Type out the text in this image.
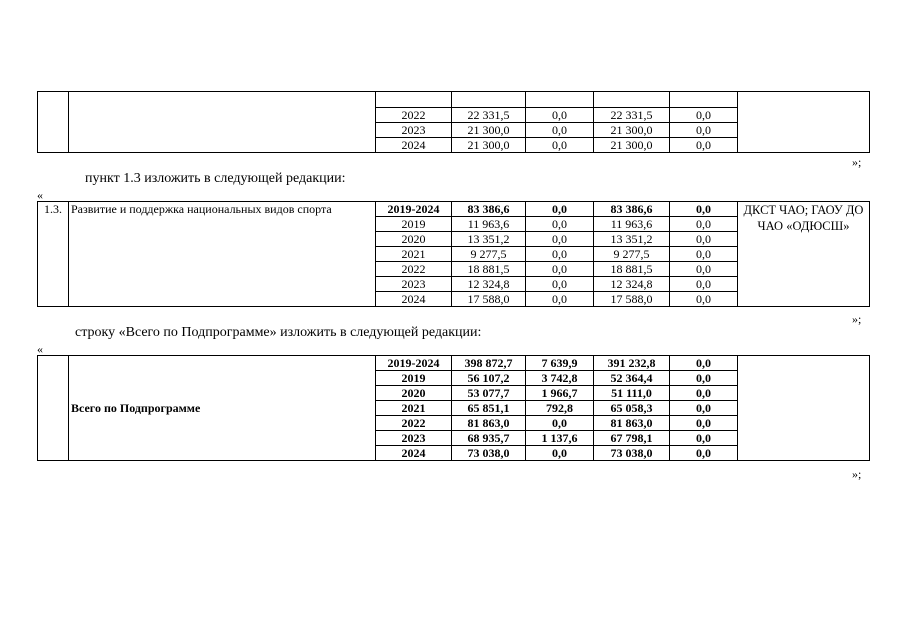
		2022	22 331,5	0,0	22 331,5	0,0	
		2023	21 300,0	0,0	21 300,0	0,0	
		2024	21 300,0	0,0	21 300,0	0,0	
»;
пункт 1.3 изложить в следующей редакции:
«
1.3.	Развитие и поддержка национальных видов спорта	2019-2024	83 386,6	0,0	83 386,6	0,0	ДКСТ ЧАО; ГАОУ ДО ЧАО «ОДЮСШ»
		2019	11 963,6	0,0	11 963,6	0,0	
		2020	13 351,2	0,0	13 351,2	0,0	
		2021	9 277,5	0,0	9 277,5	0,0	
		2022	18 881,5	0,0	18 881,5	0,0	
		2023	12 324,8	0,0	12 324,8	0,0	
		2024	17 588,0	0,0	17 588,0	0,0	
»;
строку «Всего по Подпрограмме» изложить в следующей редакции:
«
	Всего по Подпрограмме	2019-2024	398 872,7	7 639,9	391 232,8	0,0	
		2019	56 107,2	3 742,8	52 364,4	0,0	
		2020	53 077,7	1 966,7	51 111,0	0,0	
		2021	65 851,1	792,8	65 058,3	0,0	
		2022	81 863,0	0,0	81 863,0	0,0	
		2023	68 935,7	1 137,6	67 798,1	0,0	
		2024	73 038,0	0,0	73 038,0	0,0	
»;
